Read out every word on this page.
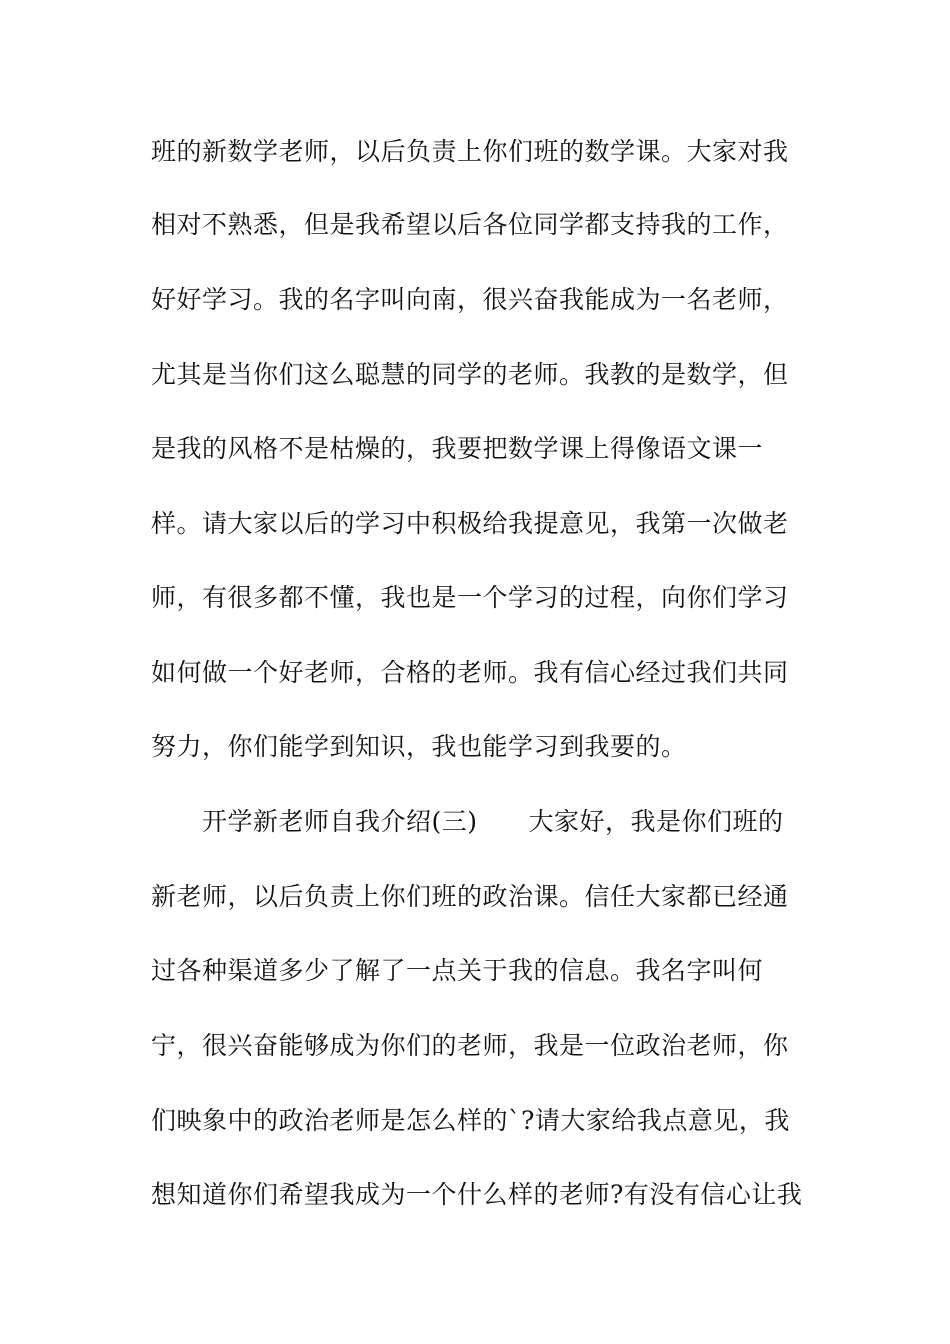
班的新数学老师，以后负责上你们班的数学课。大家对我
相对不熟悉，但是我希望以后各位同学都支持我的工作，
好好学习。我的名字叫向南，很兴奋我能成为一名老师，
尤其是当你们这么聪慧的同学的老师。我教的是数学，但
是我的风格不是枯燥的，我要把数学课上得像语文课一
样。请大家以后的学习中积极给我提意见，我第一次做老
师，有很多都不懂，我也是一个学习的过程，向你们学习
如何做一个好老师，合格的老师。我有信心经过我们共同
努力，你们能学到知识，我也能学习到我要的。
　　开学新老师自我介绍(三)　　大家好，我是你们班的
新老师，以后负责上你们班的政治课。信任大家都已经通
过各种渠道多少了解了一点关于我的信息。我名字叫何
宁，很兴奋能够成为你们的老师，我是一位政治老师，你
们映象中的政治老师是怎么样的`?请大家给我点意见，我
想知道你们希望我成为一个什么样的老师?有没有信心让我
